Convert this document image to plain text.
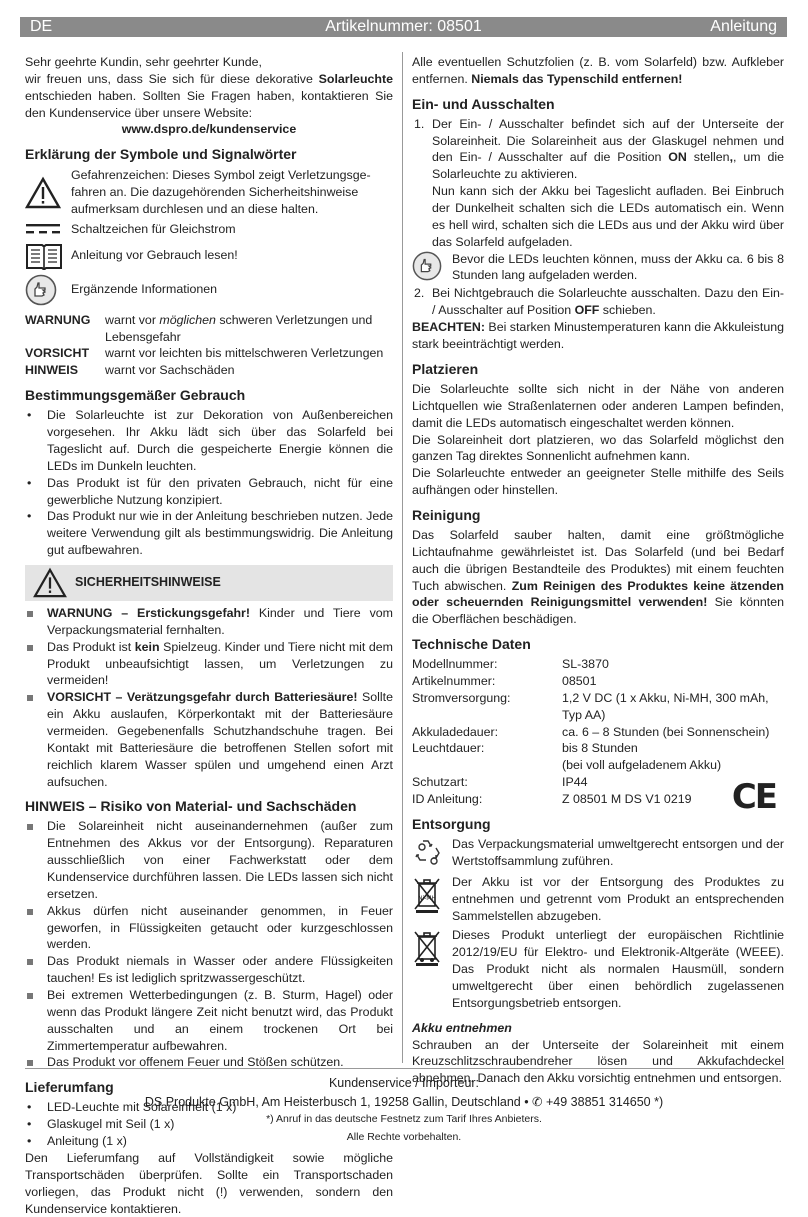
DE	Artikelnummer: 08501	Anleitung

Sehr geehrte Kundin, sehr geehrter Kunde,

wir freuen uns, dass Sie sich für diese dekorative Solarleuchte entschieden haben. Sollten Sie Fragen haben, kontaktieren Sie den Kundenservice über unsere Website:

www.dspro.de/kundenservice

Erklärung der Symbole und Signalwörter
Gefahrenzeichen: Dieses Symbol zeigt Verletzungsgefahren an. Die dazugehörenden Sicherheitshinweise aufmerksam durchlesen und an diese halten.
Schaltzeichen für Gleichstrom
Anleitung vor Gebrauch lesen!
Ergänzende Informationen
WARNUNG	warnt vor möglichen schweren Verletzungen und Lebensgefahr
VORSICHT	warnt vor leichten bis mittelschweren Verletzungen
HINWEIS	warnt vor Sachschäden
Bestimmungsgemäßer Gebrauch
• Die Solarleuchte ist zur Dekoration von Außenbereichen vorgesehen. Ihr Akku lädt sich über das Solarfeld bei Tageslicht auf. Durch die gespeicherte Energie können die LEDs im Dunkeln leuchten.
• Das Produkt ist für den privaten Gebrauch, nicht für eine gewerbliche Nutzung konzipiert.
• Das Produkt nur wie in der Anleitung beschrieben nutzen. Jede weitere Verwendung gilt als bestimmungswidrig. Die Anleitung gut aufbewahren.
SICHERHEITSHINWEISE
WARNUNG – Erstickungsgefahr! Kinder und Tiere vom Verpackungsmaterial fernhalten.
Das Produkt ist kein Spielzeug. Kinder und Tiere nicht mit dem Produkt unbeaufsichtigt lassen, um Verletzungen zu vermeiden!
VORSICHT – Verätzungsgefahr durch Batteriesäure! Sollte ein Akku auslaufen, Körperkontakt mit der Batteriesäure vermeiden. Gegebenenfalls Schutzhandschuhe tragen. Bei Kontakt mit Batteriesäure die betroffenen Stellen sofort mit reichlich klarem Wasser spülen und umgehend einen Arzt aufsuchen.
HINWEIS – Risiko von Material- und Sachschäden
Die Solareinheit nicht auseinandernehmen (außer zum Entnehmen des Akkus vor der Entsorgung). Reparaturen ausschließlich von einer Fachwerkstatt oder dem Kundenservice durchführen lassen. Die LEDs lassen sich nicht ersetzen.
Akkus dürfen nicht auseinander genommen, in Feuer geworfen, in Flüssigkeiten getaucht oder kurzgeschlossen werden.
Das Produkt niemals in Wasser oder andere Flüssigkeiten tauchen! Es ist lediglich spritzwassergeschützt.
Bei extremen Wetterbedingungen (z. B. Sturm, Hagel) oder wenn das Produkt längere Zeit nicht benutzt wird, das Produkt ausschalten und an einem trockenen Ort bei Zimmertemperatur aufbewahren.
Das Produkt vor offenem Feuer und Stößen schützen.
Lieferumfang
• LED-Leuchte mit Solareinheit (1 x)
• Glaskugel mit Seil (1 x)
• Anleitung (1 x)

Den Lieferumfang auf Vollständigkeit sowie mögliche Transportschäden überprüfen. Sollte ein Transportschaden vorliegen, das Produkt nicht (!) verwenden, sondern den Kundenservice kontaktieren.

Alle eventuellen Schutzfolien (z. B. vom Solarfeld) bzw. Aufkleber entfernen. Niemals das Typenschild entfernen!

Ein- und Ausschalten
1. Der Ein- / Ausschalter befindet sich auf der Unterseite der Solareinheit. Die Solareinheit aus der Glaskugel nehmen und den Ein- / Ausschalter auf die Position ON stellen,, um die Solarleuchte zu aktivieren.
Nun kann sich der Akku bei Tageslicht aufladen. Bei Einbruch der Dunkelheit schalten sich die LEDs automatisch ein. Wenn es hell wird, schalten sich die LEDs aus und der Akku wird über das Solarfeld aufgeladen.
Bevor die LEDs leuchten können, muss der Akku ca. 6 bis 8 Stunden lang aufgeladen werden.
2. Bei Nichtgebrauch die Solarleuchte ausschalten. Dazu den Ein- / Ausschalter auf Position OFF schieben.

BEACHTEN: Bei starken Minustemperaturen kann die Akkuleistung stark beeinträchtigt werden.

Platzieren

Die Solarleuchte sollte sich nicht in der Nähe von anderen Lichtquellen wie Straßenlaternen oder anderen Lampen befinden, damit die LEDs automatisch eingeschaltet werden können.

Die Solareinheit dort platzieren, wo das Solarfeld möglichst den ganzen Tag direktes Sonnenlicht aufnehmen kann.

Die Solarleuchte entweder an geeigneter Stelle mithilfe des Seils aufhängen oder hinstellen.

Reinigung

Das Solarfeld sauber halten, damit eine größtmögliche Lichtaufnahme gewährleistet ist. Das Solarfeld (und bei Bedarf auch die übrigen Bestandteile des Produktes) mit einem feuchten Tuch abwischen. Zum Reinigen des Produktes keine ätzenden oder scheuernden Reinigungsmittel verwenden! Sie könnten die Oberflächen beschädigen.

Technische Daten
Modellnummer:	SL-3870
Artikelnummer:	08501
Stromversorgung:	1,2 V DC (1 x Akku, Ni-MH, 300 mAh, Typ AA)
Akkuladedauer:	ca. 6 – 8 Stunden (bei Sonnenschein)
Leuchtdauer:	bis 8 Stunden
(bei voll aufgeladenem Akku)
Schutzart:	IP44
ID Anleitung:	Z 08501 M DS V1 0219	CE
Entsorgung
Das Verpackungsmaterial umweltgerecht entsorgen und der Wertstoffsammlung zuführen.
Ni-MH
Der Akku ist vor der Entsorgung des Produktes zu entnehmen und getrennt vom Produkt an entsprechenden Sammelstellen abzugeben.
Dieses Produkt unterliegt der europäischen Richtlinie 2012/19/EU für Elektro- und Elektronik-Altgeräte (WEEE). Das Produkt nicht als normalen Hausmüll, sondern umweltgerecht über einen behördlich zugelassenen Entsorgungsbetrieb entsorgen.

Akku entnehmen

Schrauben an der Unterseite der Solareinheit mit einem Kreuzschlitzschraubendreher lösen und Akkufachdeckel abnehmen. Danach den Akku vorsichtig entnehmen und entsorgen.

Kundenservice / Importeur:
DS Produkte GmbH, Am Heisterbusch 1, 19258 Gallin, Deutschland • ✆ +49 38851 314650 *)
*) Anruf in das deutsche Festnetz zum Tarif Ihres Anbieters.
Alle Rechte vorbehalten.
